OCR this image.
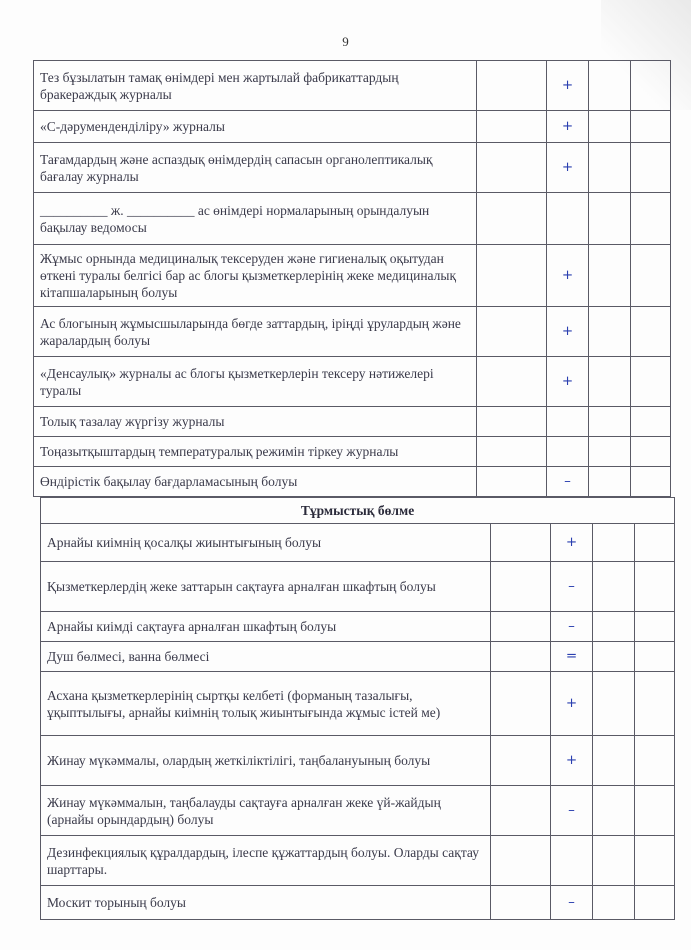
9
Тез бұзылатын тамақ өнімдері мен жартылай фабрикаттардың бракераждық журналы		+		
«С-дәруменденділіру» журналы		+		
Тағамдардың және аспаздық өнімдердің сапасын органолептикалық бағалау журналы		+		
__________ ж. __________ ас өнімдері нормаларының орындалуын бақылау ведомосы				
Жұмыс орнында медициналық тексеруден және гигиеналық оқытудан өткені туралы белгісі бар ас блогы қызметкерлерінің жеке медициналық кітапшаларының болуы		+		
Ас блогының жұмысшыларында бөгде заттардың, іріңді ұрулардың және жаралардың болуы		+		
«Денсаулық» журналы ас блогы қызметкерлерін тексеру нәтижелері туралы		+		
Толық тазалау жүргізу журналы				
Тоңазытқыштардың температуралық режимін тіркеу журналы				
Өндірістік бақылау бағдарламасының болуы		–		
Тұрмыстық бөлме				
Арнайы киімнің қосалқы жиынтығының болуы		+		
Қызметкерлердің жеке заттарын сақтауға арналған шкафтың болуы		–		
Арнайы киімді сақтауға арналған шкафтың болуы		–		
Душ бөлмесі, ванна бөлмесі		=		
Асхана қызметкерлерінің сыртқы келбеті (форманың тазалығы, ұқыптылығы, арнайы киімнің толық жиынтығында жұмыс істей ме)		+		
Жинау мүкәммалы, олардың жеткіліктілігі, таңбалануының болуы		+		
Жинау мүкәммалын, таңбалауды сақтауға арналған жеке үй-жайдың (арнайы орындардың) болуы		–		
Дезинфекциялық құралдардың, ілеспе құжаттардың болуы. Оларды сақтау шарттары.				
Москит торының болуы		–		
